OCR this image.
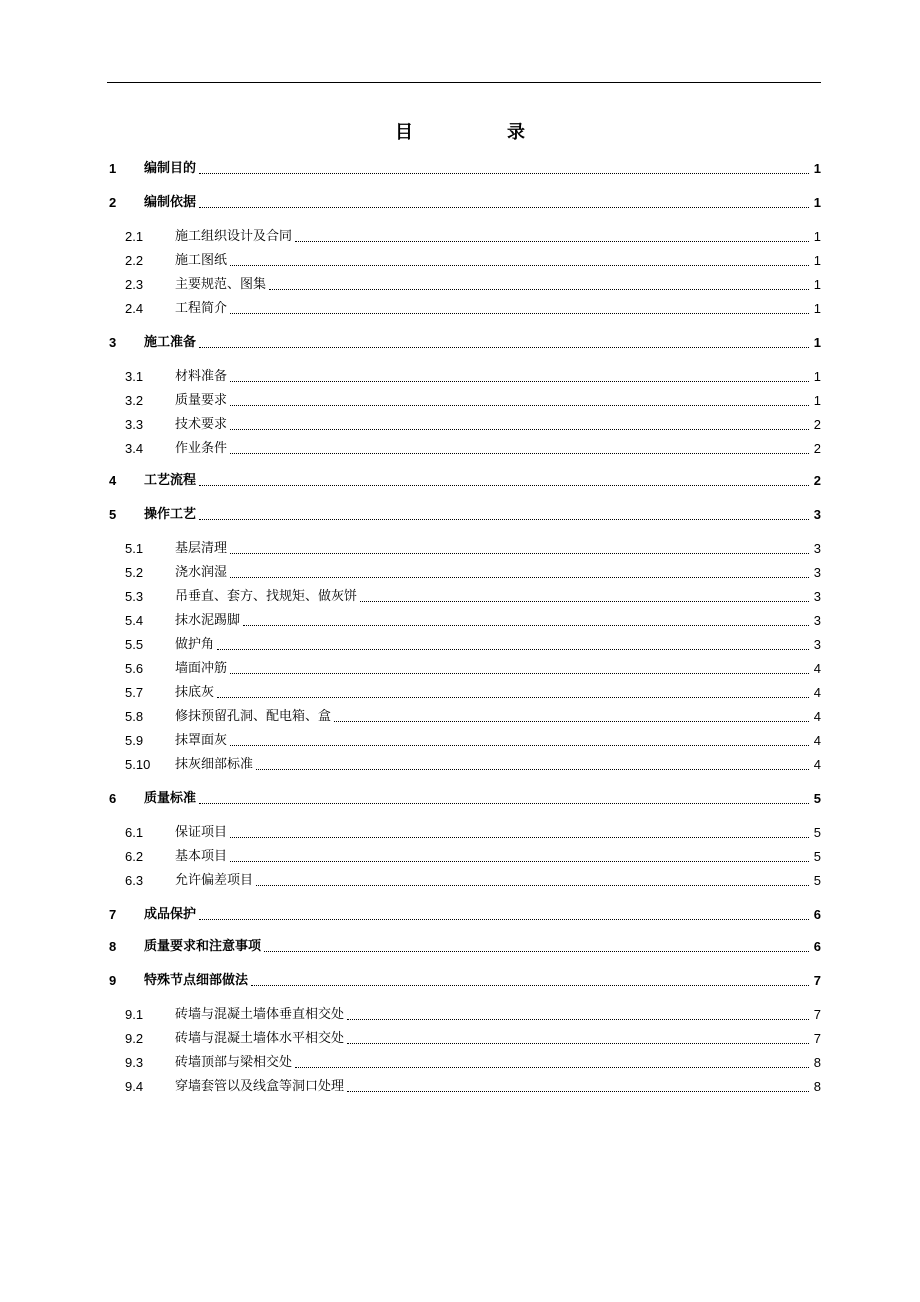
目　录
1	编制目的	1
2	编制依据	1
2.1	施工组织设计及合同	1
2.2	施工图纸	1
2.3	主要规范、图集	1
2.4	工程简介	1
3	施工准备	1
3.1	材料准备	1
3.2	质量要求	1
3.3	技术要求	2
3.4	作业条件	2
4	工艺流程	2
5	操作工艺	3
5.1	基层清理	3
5.2	浇水润湿	3
5.3	吊垂直、套方、找规矩、做灰饼	3
5.4	抹水泥踢脚	3
5.5	做护角	3
5.6	墙面冲筋	4
5.7	抹底灰	4
5.8	修抹预留孔洞、配电箱、盒	4
5.9	抹罩面灰	4
5.10	抹灰细部标准	4
6	质量标准	5
6.1	保证项目	5
6.2	基本项目	5
6.3	允许偏差项目	5
7	成品保护	6
8	质量要求和注意事项	6
9	特殊节点细部做法	7
9.1	砖墙与混凝土墙体垂直相交处	7
9.2	砖墙与混凝土墙体水平相交处	7
9.3	砖墙顶部与梁相交处	8
9.4	穿墙套管以及线盒等洞口处理	8
